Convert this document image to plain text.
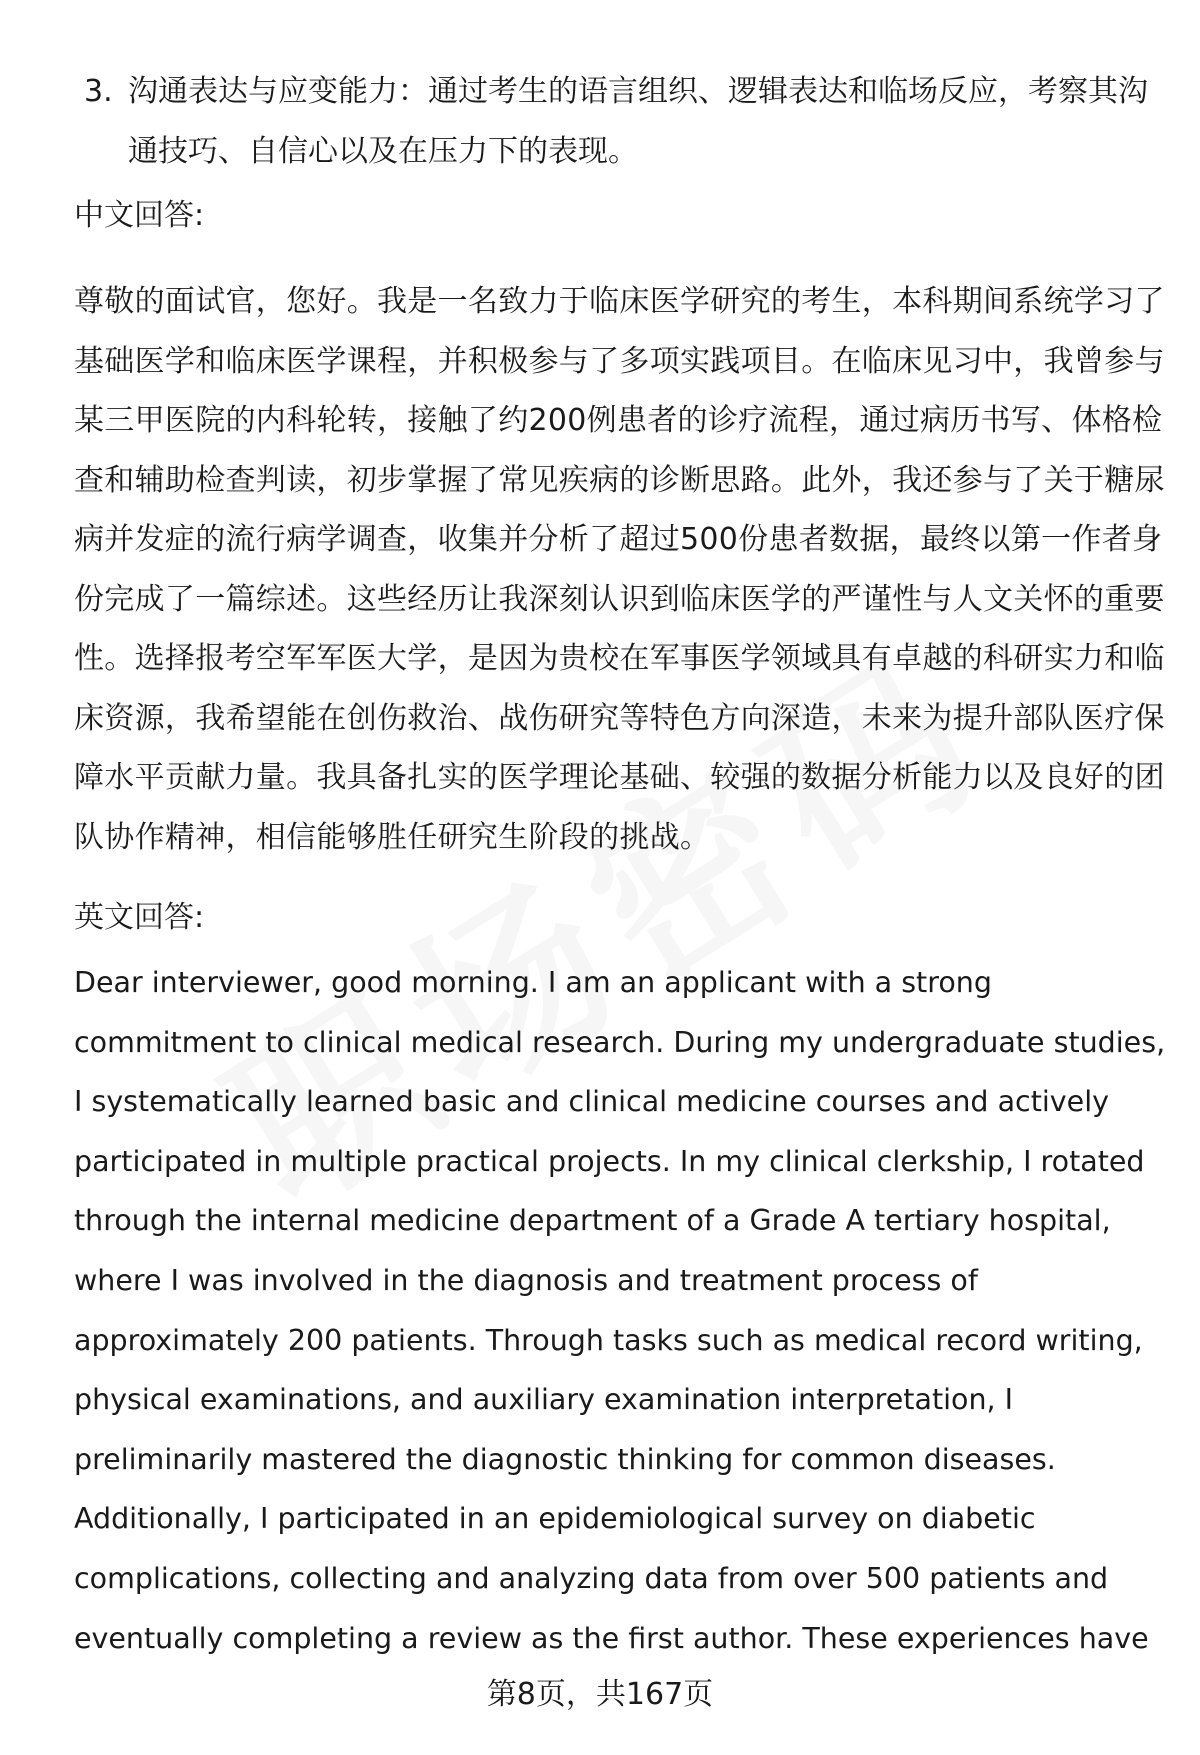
3. 沟通表达与应变能力：通过考生的语言组织、逻辑表达和临场反应，考察其沟
通技巧、自信心以及在压力下的表现。
中文回答:
尊敬的面试官，您好。我是一名致力于临床医学研究的考生，本科期间系统学习了
基础医学和临床医学课程，并积极参与了多项实践项目。在临床见习中，我曾参与
某三甲医院的内科轮转，接触了约200例患者的诊疗流程，通过病历书写、体格检
查和辅助检查判读，初步掌握了常见疾病的诊断思路。此外，我还参与了关于糖尿
病并发症的流行病学调查，收集并分析了超过500份患者数据，最终以第一作者身
份完成了一篇综述。这些经历让我深刻认识到临床医学的严谨性与人文关怀的重要
性。选择报考空军军医大学，是因为贵校在军事医学领域具有卓越的科研实力和临
床资源，我希望能在创伤救治、战伤研究等特色方向深造，未来为提升部队医疗保
障水平贡献力量。我具备扎实的医学理论基础、较强的数据分析能力以及良好的团
队协作精神，相信能够胜任研究生阶段的挑战。
英文回答:
Dear interviewer, good morning. I am an applicant with a strong
commitment to clinical medical research. During my undergraduate studies,
I systematically learned basic and clinical medicine courses and actively
participated in multiple practical projects. In my clinical clerkship, I rotated
through the internal medicine department of a Grade A tertiary hospital,
where I was involved in the diagnosis and treatment process of
approximately 200 patients. Through tasks such as medical record writing,
physical examinations, and auxiliary examination interpretation, I
preliminarily mastered the diagnostic thinking for common diseases.
Additionally, I participated in an epidemiological survey on diabetic
complications, collecting and analyzing data from over 500 patients and
eventually completing a review as the first author. These experiences have
第8页，共167页
